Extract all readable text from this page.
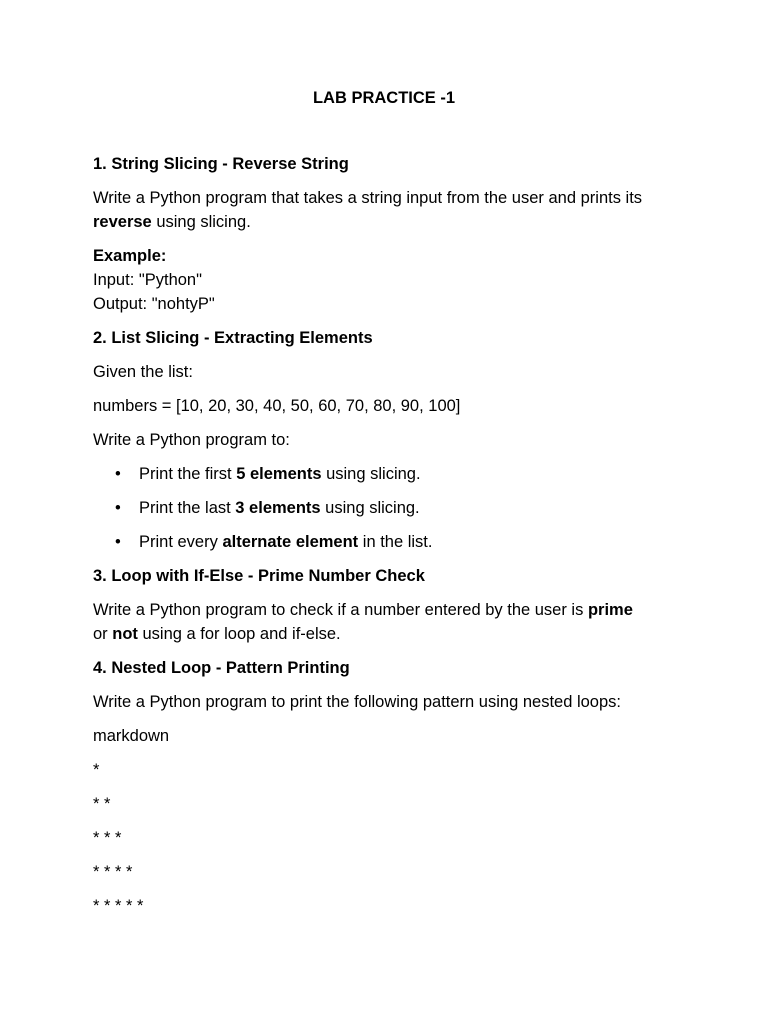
LAB PRACTICE -1
1. String Slicing - Reverse String

Write a Python program that takes a string input from the user and prints its reverse using slicing.

Example:
Input: "Python"
Output: "nohtyP"

2. List Slicing - Extracting Elements

Given the list:

numbers = [10, 20, 30, 40, 50, 60, 70, 80, 90, 100]

Write a Python program to:

• Print the first 5 elements using slicing.
• Print the last 3 elements using slicing.
• Print every alternate element in the list.
3. Loop with If-Else - Prime Number Check

Write a Python program to check if a number entered by the user is prime
or not using a for loop and if-else.

4. Nested Loop - Pattern Printing

Write a Python program to print the following pattern using nested loops:

markdown

*
* *
* * *
* * * *
* * * * *
